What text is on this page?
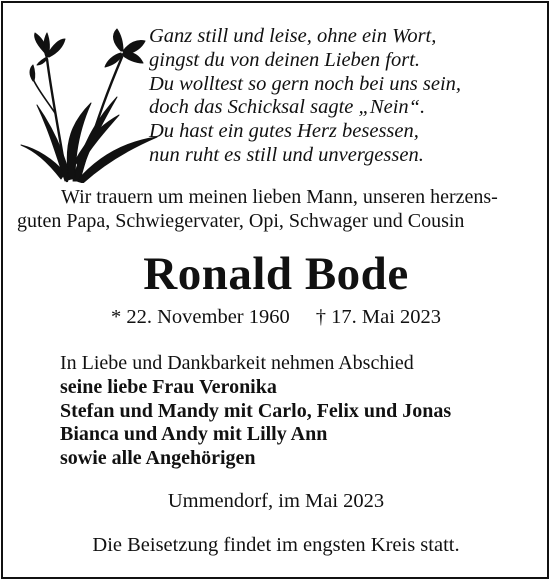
Ganz still und leise, ohne ein Wort,
gingst du von deinen Lieben fort.
Du wolltest so gern noch bei uns sein,
doch das Schicksal sagte „Nein“.
Du hast ein gutes Herz besessen,
nun ruht es still und unvergessen.
Wir trauern um meinen lieben Mann, unseren herzens-
guten Papa, Schwiegervater, Opi, Schwager und Cousin
Ronald Bode
* 22. November 1960 † 17. Mai 2023
In Liebe und Dankbarkeit nehmen Abschied
seine liebe Frau Veronika
Stefan und Mandy mit Carlo, Felix und Jonas
Bianca und Andy mit Lilly Ann
sowie alle Angehörigen
Ummendorf, im Mai 2023
Die Beisetzung findet im engsten Kreis statt.
